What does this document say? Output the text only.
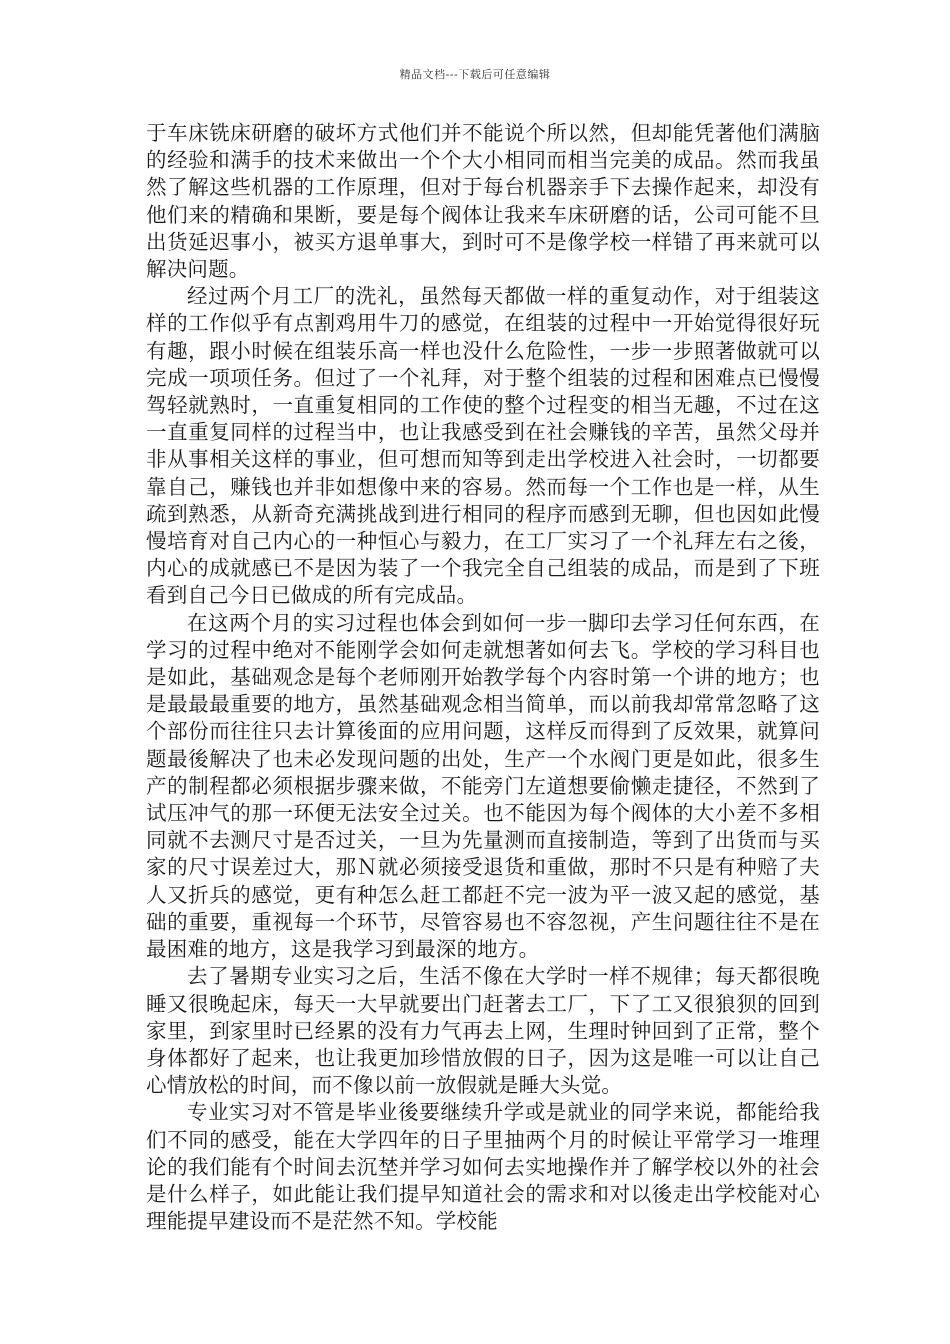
精品文档---下载后可任意编辑

于车床铣床研磨的破坏方式他们并不能说个所以然，但却能凭著他们满脑的经验和满手的技术来做出一个个大小相同而相当完美的成品。然而我虽然了解这些机器的工作原理，但对于每台机器亲手下去操作起来，却没有他们来的精确和果断，要是每个阀体让我来车床研磨的话，公司可能不旦出货延迟事小，被买方退单事大，到时可不是像学校一样错了再来就可以解决问题。

经过两个月工厂的洗礼，虽然每天都做一样的重复动作，对于组装这样的工作似乎有点割鸡用牛刀的感觉，在组装的过程中一开始觉得很好玩有趣，跟小时候在组装乐高一样也没什么危险性，一步一步照著做就可以完成一项项任务。但过了一个礼拜，对于整个组装的过程和困难点已慢慢驾轻就熟时，一直重复相同的工作使的整个过程变的相当无趣，不过在这一直重复同样的过程当中，也让我感受到在社会赚钱的辛苦，虽然父母并非从事相关这样的事业，但可想而知等到走出学校进入社会时，一切都要靠自己，赚钱也并非如想像中来的容易。然而每一个工作也是一样，从生疏到熟悉，从新奇充满挑战到进行相同的程序而感到无聊，但也因如此慢慢培育对自己内心的一种恒心与毅力，在工厂实习了一个礼拜左右之後，内心的成就感已不是因为装了一个我完全自己组装的成品，而是到了下班看到自己今日已做成的所有完成品。

在这两个月的实习过程也体会到如何一步一脚印去学习任何东西，在学习的过程中绝对不能刚学会如何走就想著如何去飞。学校的学习科目也是如此，基础观念是每个老师刚开始教学每个内容时第一个讲的地方；也是最最最重要的地方，虽然基础观念相当简单，而以前我却常常忽略了这个部份而往往只去计算後面的应用问题，这样反而得到了反效果，就算问题最後解决了也未必发现问题的出处，生产一个水阀门更是如此，很多生产的制程都必须根据步骤来做，不能旁门左道想要偷懒走捷径，不然到了试压冲气的那一环便无法安全过关。也不能因为每个阀体的大小差不多相同就不去测尺寸是否过关，一旦为先量测而直接制造，等到了出货而与买家的尺寸误差过大，那Ｎ就必须接受退货和重做，那时不只是有种赔了夫人又折兵的感觉，更有种怎么赶工都赶不完一波为平一波又起的感觉，基础的重要，重视每一个环节，尽管容易也不容忽视，产生问题往往不是在最困难的地方，这是我学习到最深的地方。

去了暑期专业实习之后，生活不像在大学时一样不规律；每天都很晚睡又很晚起床，每天一大早就要出门赶著去工厂，下了工又很狼狈的回到家里，到家里时已经累的没有力气再去上网，生理时钟回到了正常，整个身体都好了起来，也让我更加珍惜放假的日子，因为这是唯一可以让自己心情放松的时间，而不像以前一放假就是睡大头觉。

专业实习对不管是毕业後要继续升学或是就业的同学来说，都能给我们不同的感受，能在大学四年的日子里抽两个月的时候让平常学习一堆理论的我们能有个时间去沉埜并学习如何去实地操作并了解学校以外的社会是什么样子，如此能让我们提早知道社会的需求和对以後走出学校能对心理能提早建设而不是茫然不知。学校能
